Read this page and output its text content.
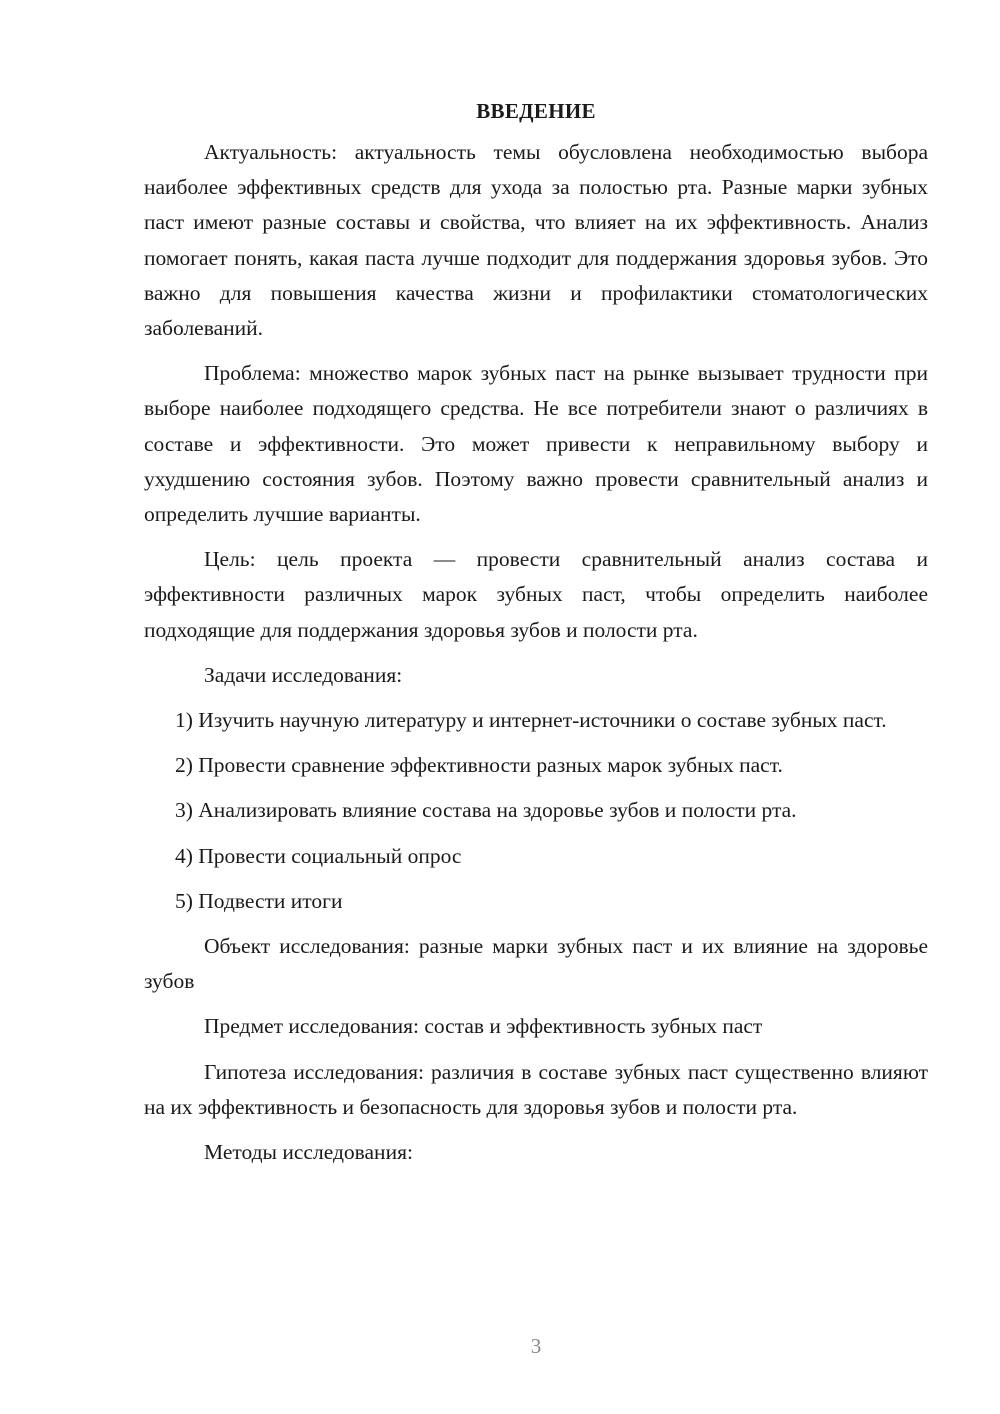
ВВЕДЕНИЕ

Актуальность: актуальность темы обусловлена необходимостью выбора наиболее эффективных средств для ухода за полостью рта. Разные марки зубных паст имеют разные составы и свойства, что влияет на их эффективность. Анализ помогает понять, какая паста лучше подходит для поддержания здоровья зубов. Это важно для повышения качества жизни и профилактики стоматологических заболеваний.

Проблема: множество марок зубных паст на рынке вызывает трудности при выборе наиболее подходящего средства. Не все потребители знают о различиях в составе и эффективности. Это может привести к неправильному выбору и ухудшению состояния зубов. Поэтому важно провести сравнительный анализ и определить лучшие варианты.

Цель: цель проекта — провести сравнительный анализ состава и эффективности различных марок зубных паст, чтобы определить наиболее подходящие для поддержания здоровья зубов и полости рта.

Задачи исследования:

1) Изучить научную литературу и интернет-источники о составе зубных паст.

2) Провести сравнение эффективности разных марок зубных паст.

3) Анализировать влияние состава на здоровье зубов и полости рта.

4) Провести социальный опрос

5) Подвести итоги

Объект исследования: разные марки зубных паст и их влияние на здоровье зубов

Предмет исследования: состав и эффективность зубных паст

Гипотеза исследования: различия в составе зубных паст существенно влияют на их эффективность и безопасность для здоровья зубов и полости рта.

Методы исследования:

3
